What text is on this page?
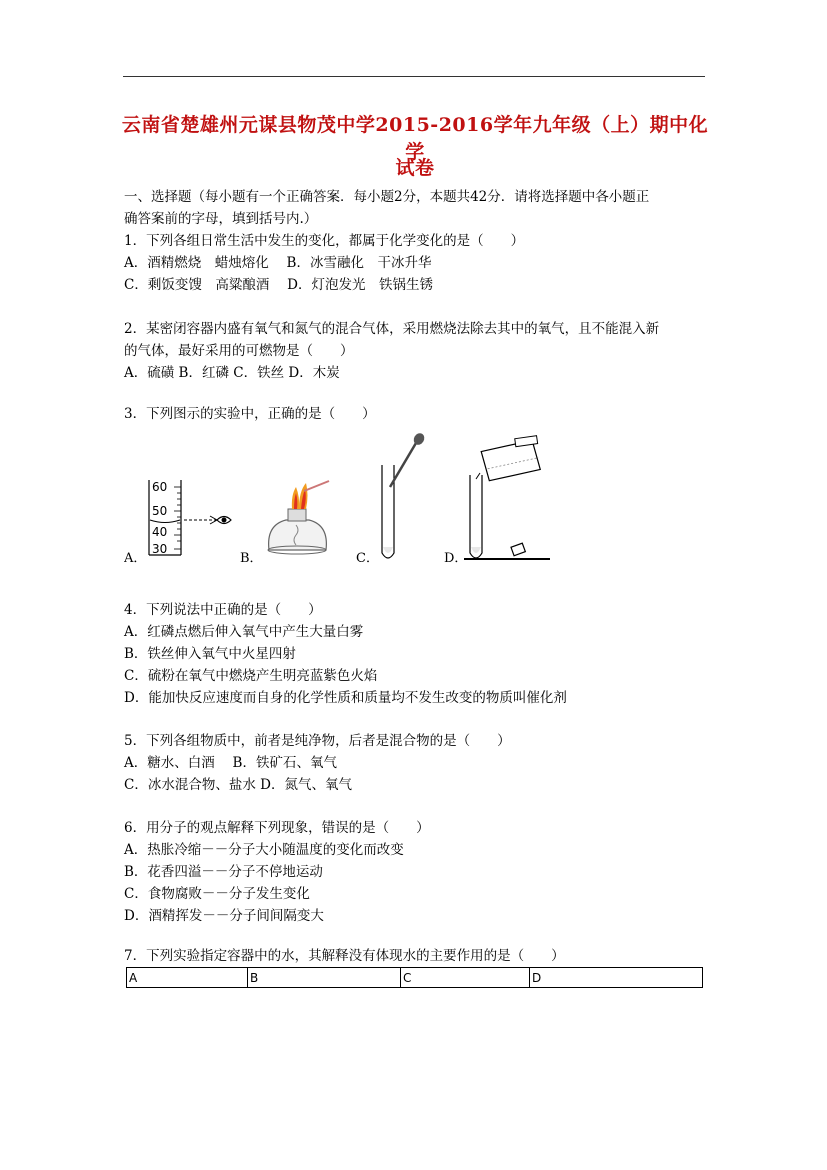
云南省楚雄州元谋县物茂中学2015-2016学年九年级（上）期中化学
试卷
一、选择题（每小题有一个正确答案．每小题2分，本题共42分．请将选择题中各小题正
确答案前的字母，填到括号内.）
1．下列各组日常生活中发生的变化，都属于化学变化的是（　　）
A．酒精燃烧　蜡烛熔化　 B．冰雪融化　干冰升华
C．剩饭变馊　高粱酿酒　 D．灯泡发光　铁锅生锈
2．某密闭容器内盛有氧气和氮气的混合气体，采用燃烧法除去其中的氧气，且不能混入新
的气体，最好采用的可燃物是（　　）
A．硫磺 B．红磷 C．铁丝 D．木炭
3．下列图示的实验中，正确的是（　　）
60
50
40
30
A．	B．	C．	D．
4．下列说法中正确的是（　　）
A．红磷点燃后伸入氧气中产生大量白雾
B．铁丝伸入氧气中火星四射
C．硫粉在氧气中燃烧产生明亮蓝紫色火焰
D．能加快反应速度而自身的化学性质和质量均不发生改变的物质叫催化剂
5．下列各组物质中，前者是纯净物，后者是混合物的是（　　）
A．糖水、白酒　 B．铁矿石、氧气
C．冰水混合物、盐水 D．氮气、氧气
6．用分子的观点解释下列现象，错误的是（　　）
A．热胀冷缩－－分子大小随温度的变化而改变
B．花香四溢－－分子不停地运动
C．食物腐败－－分子发生变化
D．酒精挥发－－分子间间隔变大
7．下列实验指定容器中的水，其解释没有体现水的主要作用的是（　　）
A	B	C	D
